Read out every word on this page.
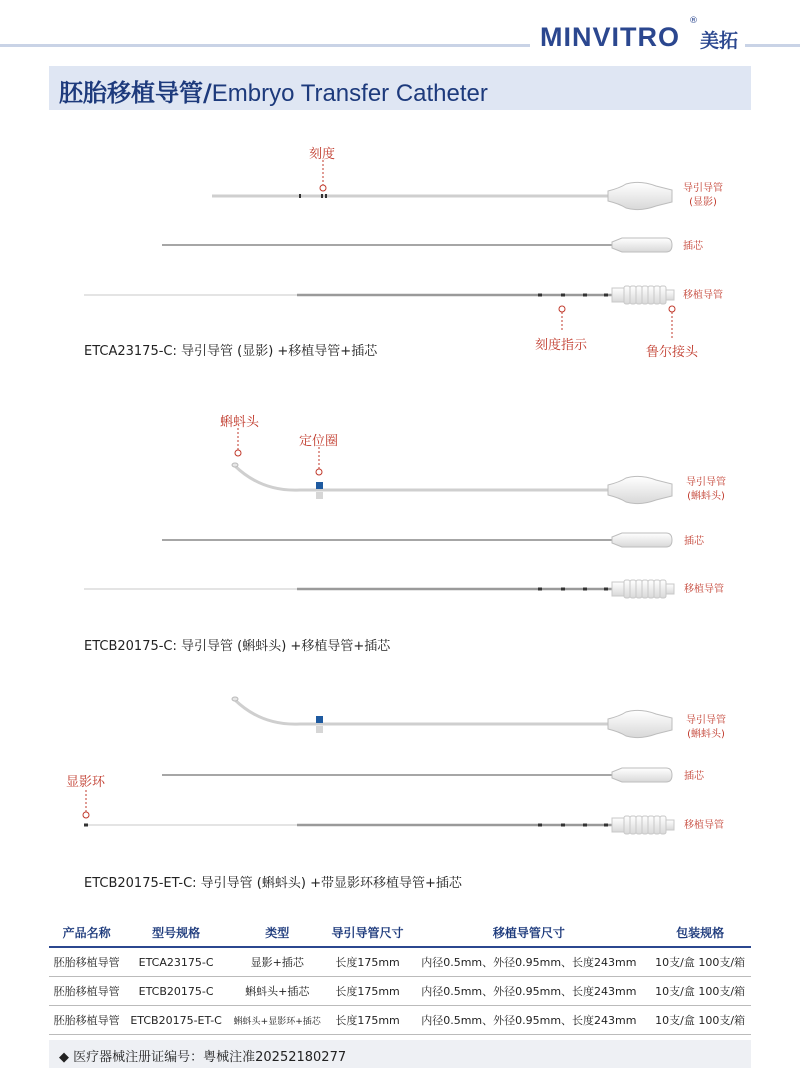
MINVITRO
®
美拓
胚胎移植导管/Embryo Transfer Catheter
刻度
导引导管
(显影)
插芯
移植导管
刻度指示	鲁尔接头
ETCA23175-C: 导引导管 (显影) +移植导管+插芯
蝌蚪头
定位圈
导引导管
(蝌蚪头)
插芯
移植导管
ETCB20175-C: 导引导管 (蝌蚪头) +移植导管+插芯
导引导管
(蝌蚪头)
插芯
显影环
移植导管
ETCB20175-ET-C: 导引导管 (蝌蚪头) +带显影环移植导管+插芯
产品名称	型号规格	类型	导引导管尺寸	移植导管尺寸	包装规格
胚胎移植导管	ETCA23175-C	显影+插芯	长度175mm	内径0.5mm、外径0.95mm、长度243mm	10支/盒 100支/箱
胚胎移植导管	ETCB20175-C	蝌蚪头+插芯	长度175mm	内径0.5mm、外径0.95mm、长度243mm	10支/盒 100支/箱
胚胎移植导管	ETCB20175-ET-C	蝌蚪头+显影环+插芯	长度175mm	内径0.5mm、外径0.95mm、长度243mm	10支/盒 100支/箱
◆ 医疗器械注册证编号：粤械注准20252180277
